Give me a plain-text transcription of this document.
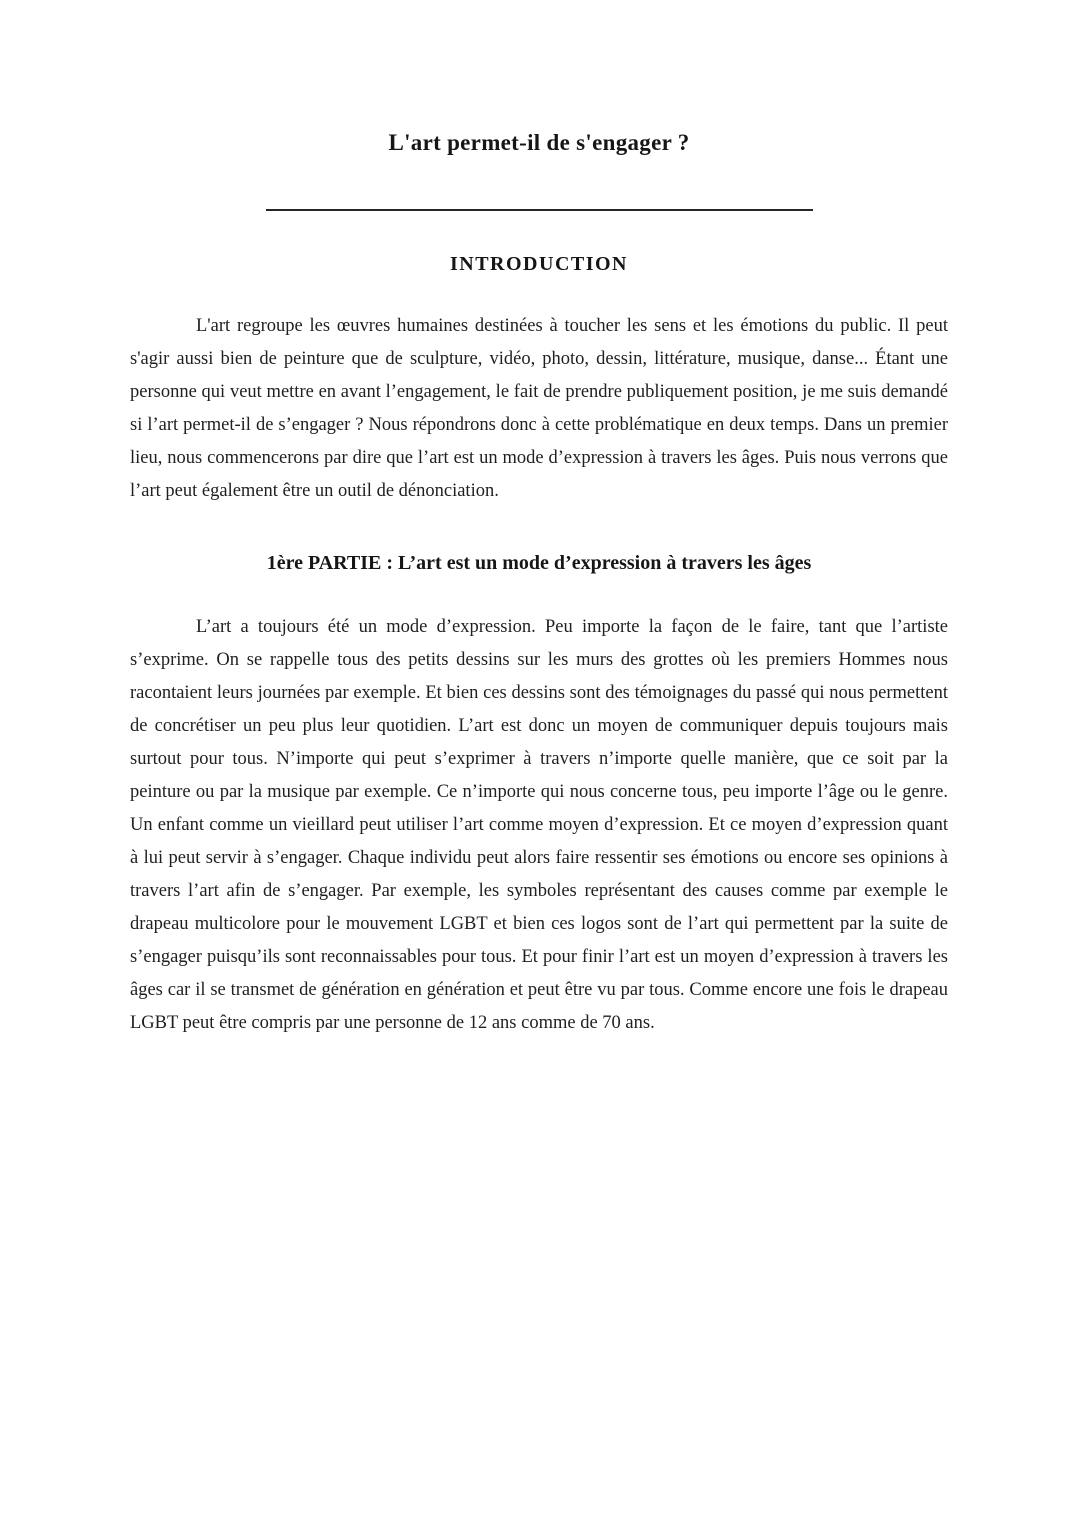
L'art permet-il de s'engager ?
INTRODUCTION

L'art regroupe les œuvres humaines destinées à toucher les sens et les émotions du public. Il peut s'agir aussi bien de peinture que de sculpture, vidéo, photo, dessin, littérature, musique, danse... Étant une personne qui veut mettre en avant l’engagement, le fait de prendre publiquement position, je me suis demandé si l’art permet-il de s’engager ? Nous répondrons donc à cette problématique en deux temps. Dans un premier lieu, nous commencerons par dire que l’art est un mode d’expression à travers les âges. Puis nous verrons que l’art peut également être un outil de dénonciation.

1ère PARTIE : L’art est un mode d’expression à travers les âges

L’art a toujours été un mode d’expression. Peu importe la façon de le faire, tant que l’artiste s’exprime. On se rappelle tous des petits dessins sur les murs des grottes où les premiers Hommes nous racontaient leurs journées par exemple. Et bien ces dessins sont des témoignages du passé qui nous permettent de concrétiser un peu plus leur quotidien. L’art est donc un moyen de communiquer depuis toujours mais surtout pour tous. N’importe qui peut s’exprimer à travers n’importe quelle manière, que ce soit par la peinture ou par la musique par exemple. Ce n’importe qui nous concerne tous, peu importe l’âge ou le genre. Un enfant comme un vieillard peut utiliser l’art comme moyen d’expression. Et ce moyen d’expression quant à lui peut servir à s’engager. Chaque individu peut alors faire ressentir ses émotions ou encore ses opinions à travers l’art afin de s’engager. Par exemple, les symboles représentant des causes comme par exemple le drapeau multicolore pour le mouvement LGBT et bien ces logos sont de l’art qui permettent par la suite de s’engager puisqu’ils sont reconnaissables pour tous. Et pour finir l’art est un moyen d’expression à travers les âges car il se transmet de génération en génération et peut être vu par tous. Comme encore une fois le drapeau LGBT peut être compris par une personne de 12 ans comme de 70 ans.
